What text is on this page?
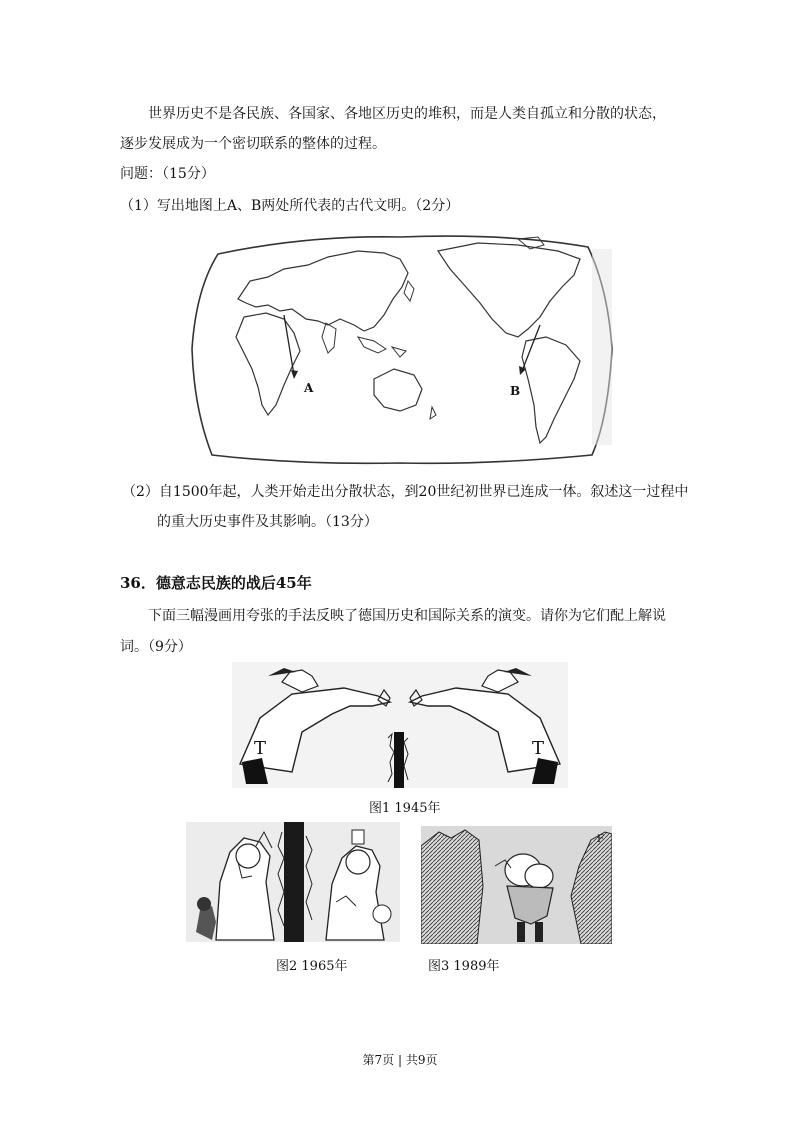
世界历史不是各民族、各国家、各地区历史的堆积，而是人类自孤立和分散的状态，
逐步发展成为一个密切联系的整体的过程。
问题：（15分）
（1）写出地图上A、B两处所代表的古代文明。（2分）
A	B
（2）自1500年起，人类开始走出分散状态，到20世纪初世界已连成一体。叙述这一过程中
的重大历史事件及其影响。（13分）
36．德意志民族的战后45年
下面三幅漫画用夸张的手法反映了德国历史和国际关系的演变。请你为它们配上解说
词。（9分）
T	T
图1 1945年
图2 1965年
F
图3 1989年
第7页 | 共9页
